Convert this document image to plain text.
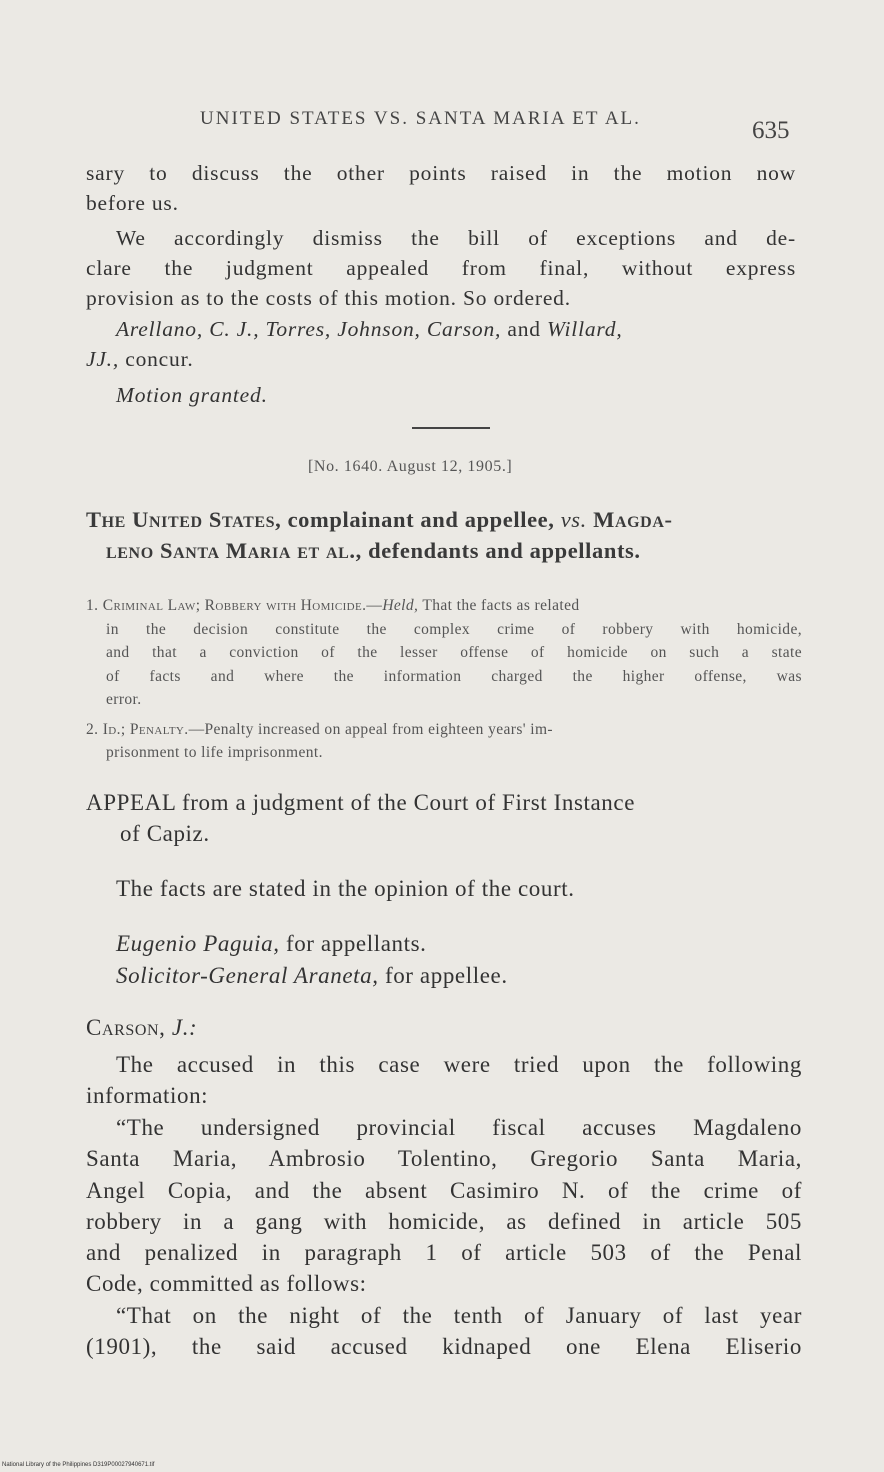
UNITED STATES VS. SANTA MARIA ET AL.	635
sary to discuss the other points raised in the motion now
before us.
We accordingly dismiss the bill of exceptions and de-
clare the judgment appealed from final, without express
provision as to the costs of this motion. So ordered.
Arellano, C. J., Torres, Johnson, Carson, and Willard,
JJ., concur.
Motion granted.
[No. 1640. August 12, 1905.]
The United States, complainant and appellee, vs. Magda-
leno Santa Maria et al., defendants and appellants.
1. Criminal Law; Robbery with Homicide.—Held, That the facts as related
in the decision constitute the complex crime of robbery with homicide,
and that a conviction of the lesser offense of homicide on such a state
of facts and where the information charged the higher offense, was
error.
2. Id.; Penalty.—Penalty increased on appeal from eighteen years' im-
prisonment to life imprisonment.
APPEAL from a judgment of the Court of First Instance
of Capiz.
The facts are stated in the opinion of the court.
Eugenio Paguia, for appellants.
Solicitor-General Araneta, for appellee.
Carson, J.:
The accused in this case were tried upon the following
information:
“The undersigned provincial fiscal accuses Magdaleno
Santa Maria, Ambrosio Tolentino, Gregorio Santa Maria,
Angel Copia, and the absent Casimiro N. of the crime of
robbery in a gang with homicide, as defined in article 505
and penalized in paragraph 1 of article 503 of the Penal
Code, committed as follows:
“That on the night of the tenth of January of last year
(1901), the said accused kidnaped one Elena Eliserio
National Library of the Philippines D319P00027940671.tif
